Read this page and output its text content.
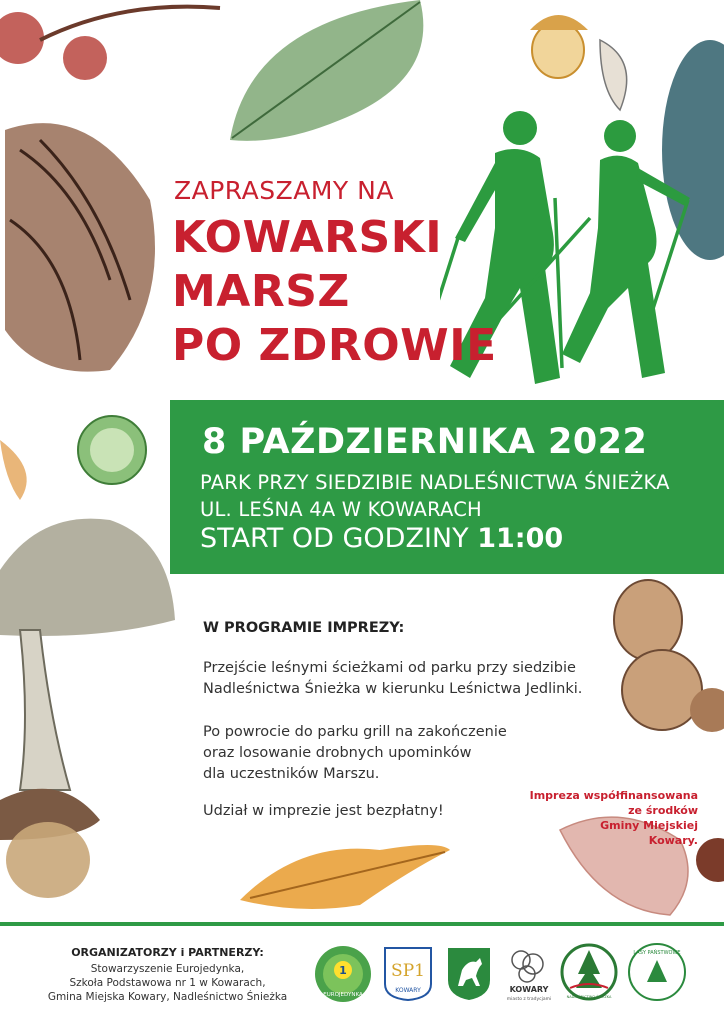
ZAPRASZAMY NA
KOWARSKI
MARSZ
PO ZDROWIE
8 PAŹDZIERNIKA 2022
PARK PRZY SIEDZIBIE NADLEŚNICTWA ŚNIEŻKA
UL. LEŚNA 4A W KOWARACH
START OD GODZINY 11:00
W PROGRAMIE IMPREZY:
Przejście leśnymi ścieżkami od parku przy siedzibie
Nadleśnictwa Śnieżka w kierunku Leśnictwa Jedlinki.
Po powrocie do parku grill na zakończenie
oraz losowanie drobnych upominków
dla uczestników Marszu.
Udział w imprezie jest bezpłatny!
Impreza współfinansowana
ze środków
Gminy Miejskiej
Kowary.
ORGANIZATORZY i PARTNERZY:
Stowarzyszenie Eurojedynka,
Szkoła Podstawowa nr 1 w Kowarach,
Gmina Miejska Kowary, Nadleśnictwo Śnieżka
1
EUROJEDYNKA
SP1
KOWARY	KOWARY
miasto z tradycjami	NADLEŚNICTWO ŚNIEŻKA
LASY PAŃSTWOWE
